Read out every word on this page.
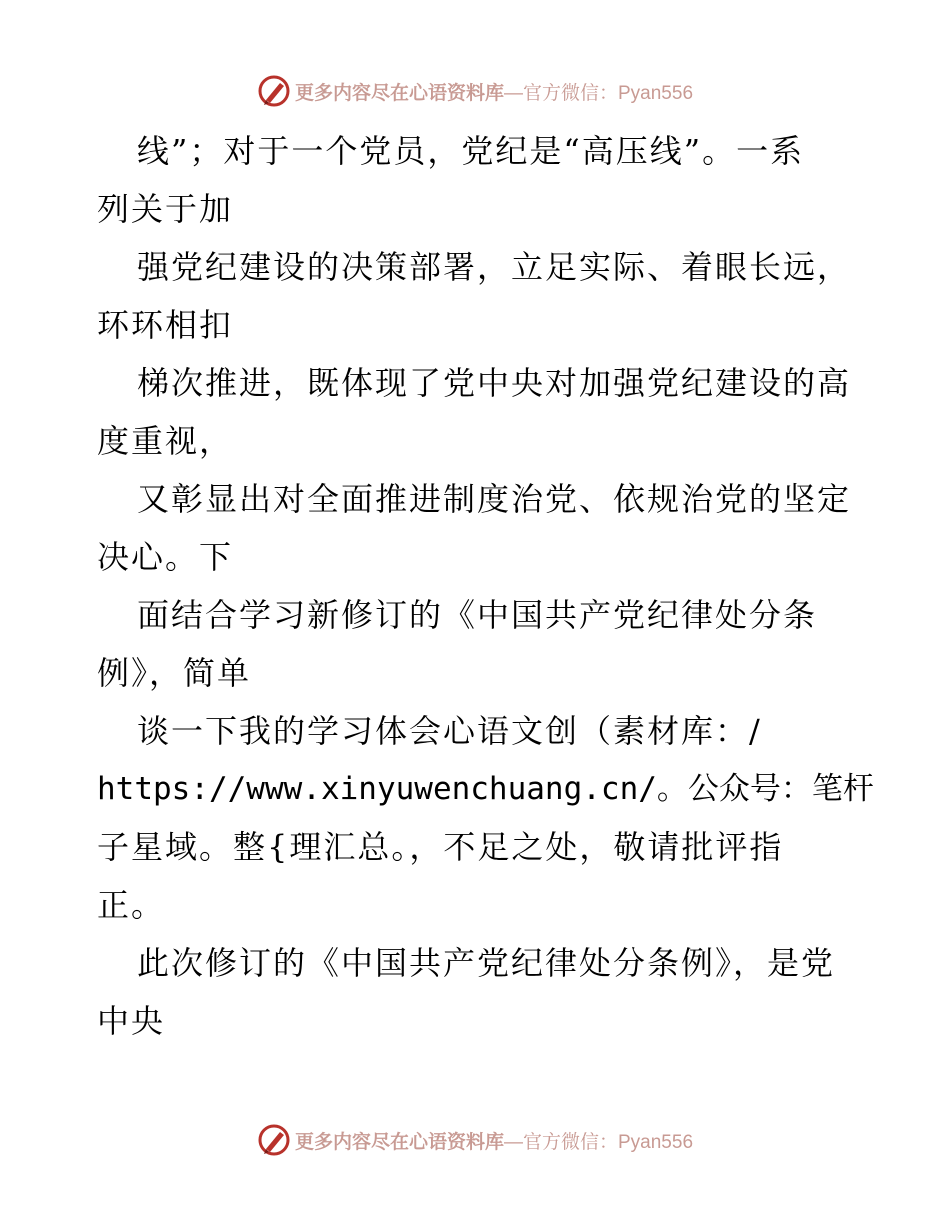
更多内容尽在心语资料库 —官方微信：Pyan556
线”；对于一个党员，党纪是“高压线”。一系
列关于加
强党纪建设的决策部署，立足实际、着眼长远，
环环相扣
梯次推进，既体现了党中央对加强党纪建设的高
度重视，
又彰显出对全面推进制度治党、依规治党的坚定
决心。下
面结合学习新修订的《中国共产党纪律处分条
例》，简单
谈一下我的学习体会心语文创（素材库：/
https://www.xinyuwenchuang.cn/。公众号：笔杆
子星域。整{理汇总。，不足之处，敬请批评指
正。
此次修订的《中国共产党纪律处分条例》，是党
中央
更多内容尽在心语资料库 —官方微信：Pyan556
